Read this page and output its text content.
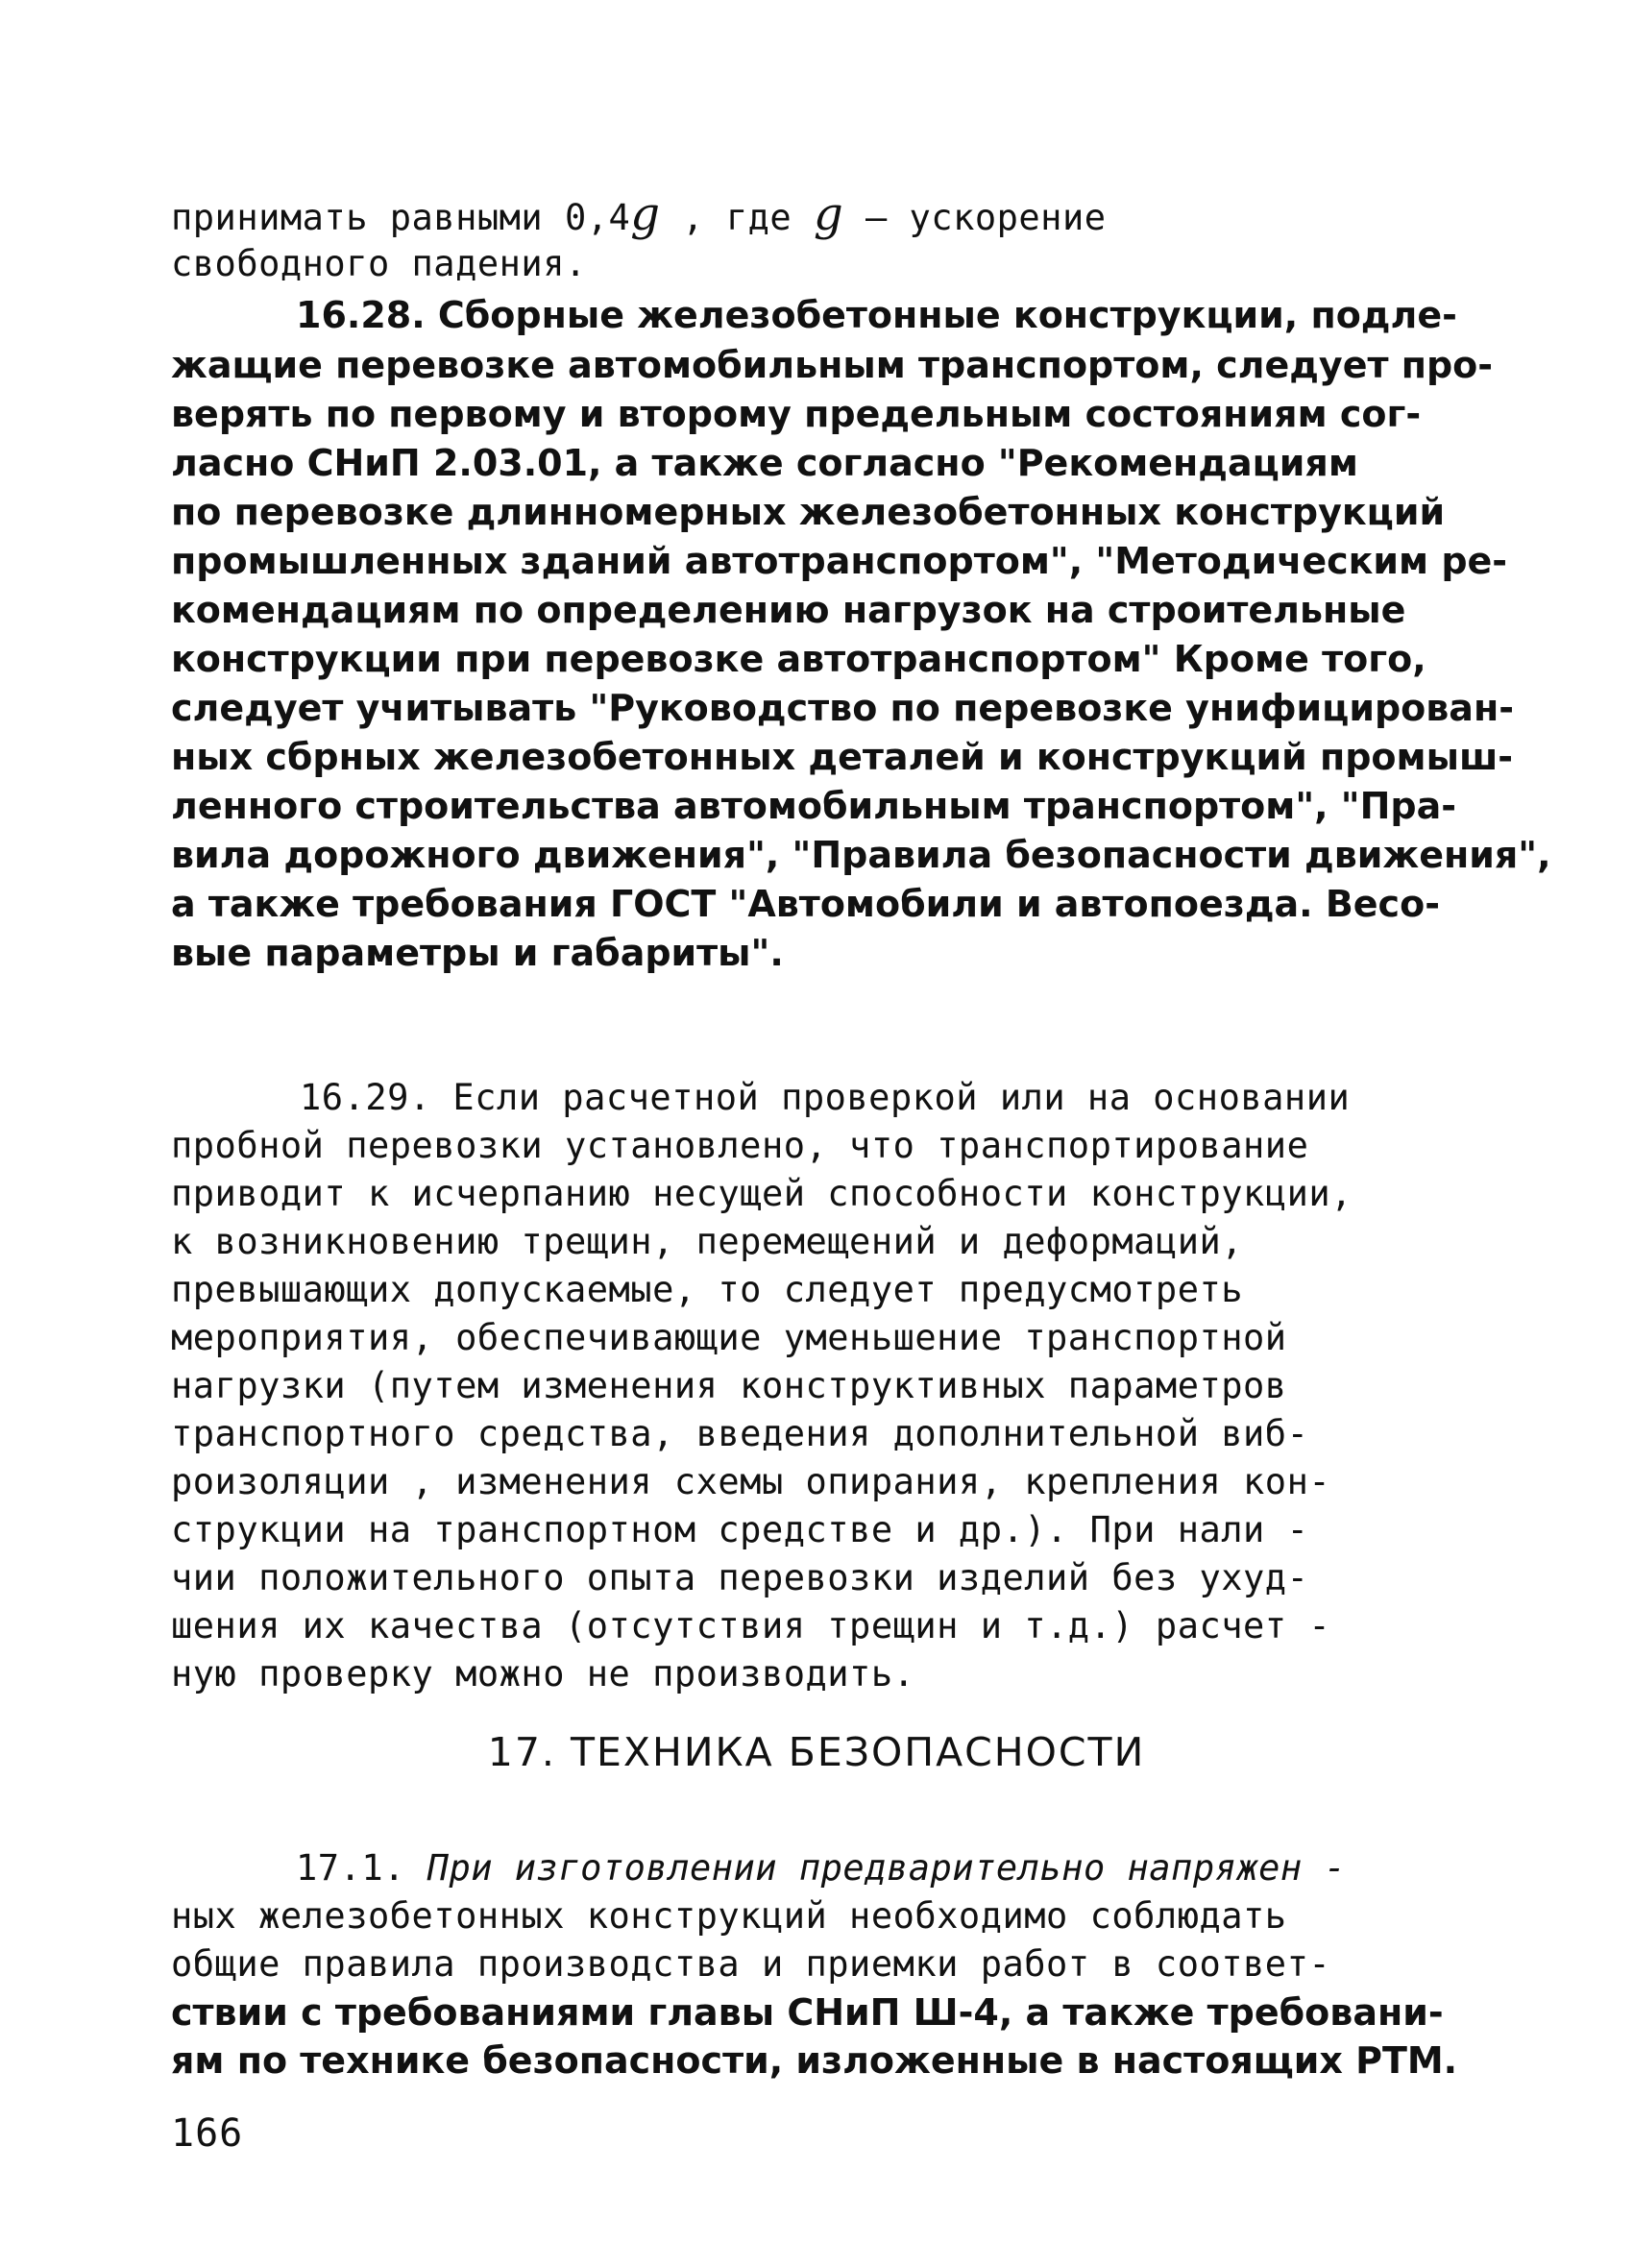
принимать равными 0,4g , где g – ускорение
свободного падения.
16.28. Сборные железобетонные конструкции, подле-
жащие перевозке автомобильным транспортом, следует про-
верять по первому и второму предельным состояниям сог-
ласно СНиП 2.03.01, а также согласно "Рекомендациям
по перевозке длинномерных железобетонных конструкций
промышленных зданий автотранспортом", "Методическим ре-
комендациям по определению нагрузок на строительные
конструкции при перевозке автотранспортом" Кроме того,
следует учитывать "Руководство по перевозке унифицирован-
ных сбрных железобетонных деталей и конструкций промыш-
ленного строительства автомобильным транспортом", "Пра-
вила дорожного движения", "Правила безопасности движения",
а также требования ГОСТ "Автомобили и автопоезда. Весо-
вые параметры и габариты".
16.29. Если расчетной проверкой или на основании
пробной перевозки установлено, что транспортирование
приводит к исчерпанию несущей способности конструкции,
к возникновению трещин, перемещений и деформаций,
превышающих допускаемые, то следует предусмотреть
мероприятия, обеспечивающие уменьшение транспортной
нагрузки (путем изменения конструктивных параметров
транспортного средства, введения дополнительной виб-
роизоляции , изменения схемы опирания, крепления кон-
струкции на транспортном средстве и др.). При нали -
чии положительного опыта перевозки изделий без ухуд-
шения их качества (отсутствия трещин и т.д.) расчет -
ную проверку можно не производить.
17. ТЕХНИКА БЕЗОПАСНОСТИ
17.1. При изготовлении предварительно напряжен -
ных железобетонных конструкций необходимо соблюдать
общие правила производства и приемки работ в соответ-
ствии с требованиями главы СНиП Ш-4, а также требовани-
ям по технике безопасности, изложенные в настоящих РТМ.
166
